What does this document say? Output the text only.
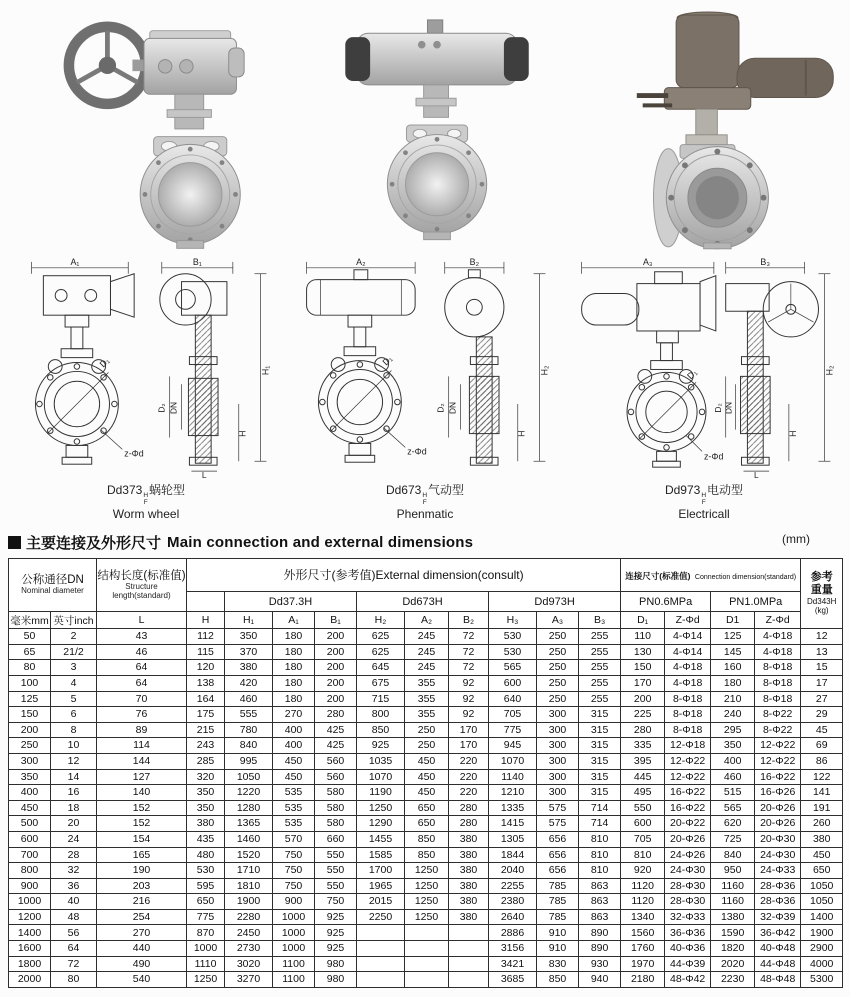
A₁	B₁
H₁
D₂ DN
H
L
D₁
z-Φd
Dd373 H
F
蜗轮型
Worm wheel
A₂	B₂
H₂
D₂ DN
H
D₁
z-Φd
Dd673 H
F
气动型
Phenmatic
A₃	B₃
H₂
D₂ DN
H
L
D₁
z-Φd
Dd973 H
F
电动型
Electricall
主要连接及外形尺寸 Main connection and external dimensions	(mm)
公称通径DN
Nominal diameter		结构长度(标准值)
Structure length(standard)	外形尺寸(参考值)External dimension(consult)										连接尺寸(标准值) Connection dimension(standard)				参考
重量
Dd343H
(kg)

				Dd37.3H			Dd673H			Dd973H			PN0.6MPa		PN1.0MPa		
毫米mm	英寸inch	L	H	H₁	A₁	B₁	H₂	A₂	B₂	H₃	A₃	B₃	D₁	Z-Φd	D1	Z-Φd	
50	2	43	112	350	180	200	625	245	72	530	250	255	110	4-Φ14	125	4-Φ18	12
65	21/2	46	115	370	180	200	625	245	72	530	250	255	130	4-Φ14	145	4-Φ18	13
80	3	64	120	380	180	200	645	245	72	565	250	255	150	4-Φ18	160	8-Φ18	15
100	4	64	138	420	180	200	675	355	92	600	250	255	170	4-Φ18	180	8-Φ18	17
125	5	70	164	460	180	200	715	355	92	640	250	255	200	8-Φ18	210	8-Φ18	27
150	6	76	175	555	270	280	800	355	92	705	300	315	225	8-Φ18	240	8-Φ22	29
200	8	89	215	780	400	425	850	250	170	775	300	315	280	8-Φ18	295	8-Φ22	45
250	10	114	243	840	400	425	925	250	170	945	300	315	335	12-Φ18	350	12-Φ22	69
300	12	144	285	995	450	560	1035	450	220	1070	300	315	395	12-Φ22	400	12-Φ22	86
350	14	127	320	1050	450	560	1070	450	220	1140	300	315	445	12-Φ22	460	16-Φ22	122
400	16	140	350	1220	535	580	1190	450	220	1210	300	315	495	16-Φ22	515	16-Φ26	141
450	18	152	350	1280	535	580	1250	650	280	1335	575	714	550	16-Φ22	565	20-Φ26	191
500	20	152	380	1365	535	580	1290	650	280	1415	575	714	600	20-Φ22	620	20-Φ26	260
600	24	154	435	1460	570	660	1455	850	380	1305	656	810	705	20-Φ26	725	20-Φ30	380
700	28	165	480	1520	750	550	1585	850	380	1844	656	810	810	24-Φ26	840	24-Φ30	450
800	32	190	530	1710	750	550	1700	1250	380	2040	656	810	920	24-Φ30	950	24-Φ33	650
900	36	203	595	1810	750	550	1965	1250	380	2255	785	863	1120	28-Φ30	1160	28-Φ36	1050
1000	40	216	650	1900	900	750	2015	1250	380	2380	785	863	1120	28-Φ30	1160	28-Φ36	1050
1200	48	254	775	2280	1000	925	2250	1250	380	2640	785	863	1340	32-Φ33	1380	32-Φ39	1400
1400	56	270	870	2450	1000	925				2886	910	890	1560	36-Φ36	1590	36-Φ42	1900
1600	64	440	1000	2730	1000	925				3156	910	890	1760	40-Φ36	1820	40-Φ48	2900
1800	72	490	1110	3020	1100	980				3421	830	930	1970	44-Φ39	2020	44-Φ48	4000
2000	80	540	1250	3270	1100	980				3685	850	940	2180	48-Φ42	2230	48-Φ48	5300
